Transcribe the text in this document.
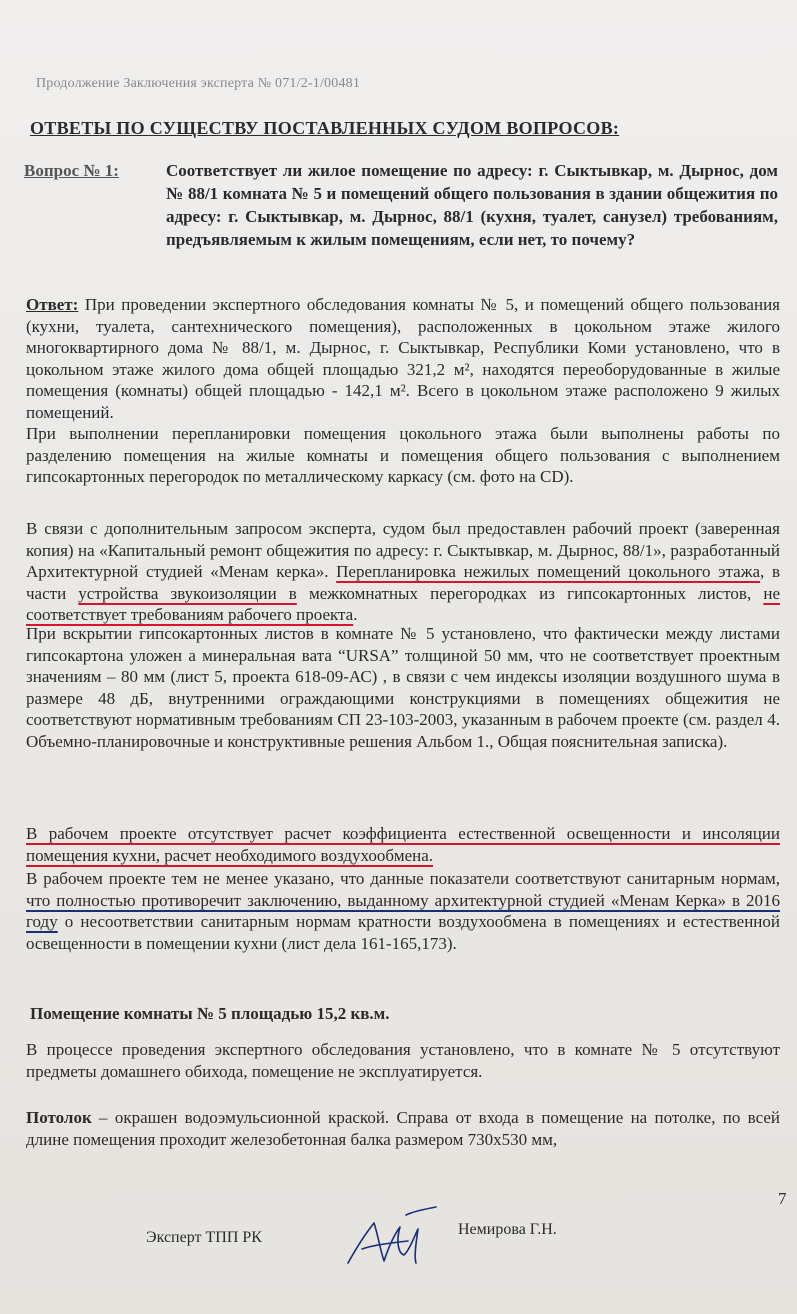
Продолжение Заключения эксперта № 071/2-1/00481
ОТВЕТЫ ПО СУЩЕСТВУ ПОСТАВЛЕННЫХ СУДОМ ВОПРОСОВ:
Вопрос № 1:	Соответствует ли жилое помещение по адресу: г. Сыктывкар, м. Дырнос, дом № 88/1 комната № 5 и помещений общего пользования в здании общежития по адресу: г. Сыктывкар, м. Дырнос, 88/1 (кухня, туалет, санузел) требованиям, предъявляемым к жилым помещениям, если нет, то почему?
Ответ: При проведении экспертного обследования комнаты № 5, и помещений общего пользования (кухни, туалета, сантехнического помещения), расположенных в цокольном этаже жилого многоквартирного дома № 88/1, м. Дырнос, г. Сыктывкар, Республики Коми установлено, что в цокольном этаже жилого дома общей площадью 321,2 м², находятся переоборудованные в жилые помещения (комнаты) общей площадью - 142,1 м². Всего в цокольном этаже расположено 9 жилых помещений.
При выполнении перепланировки помещения цокольного этажа были выполнены работы по разделению помещения на жилые комнаты и помещения общего пользования с выполнением гипсокартонных перегородок по металлическому каркасу (см. фото на CD).
В связи с дополнительным запросом эксперта, судом был предоставлен рабочий проект (заверенная копия) на «Капитальный ремонт общежития по адресу: г. Сыктывкар, м. Дырнос, 88/1», разработанный Архитектурной студией «Менам керка». Перепланировка нежилых помещений цокольного этажа, в части устройства звукоизоляции в межкомнатных перегородках из гипсокартонных листов, не соответствует требованиям рабочего проекта.
При вскрытии гипсокартонных листов в комнате № 5 установлено, что фактически между листами гипсокартона уложен а минеральная вата “URSA” толщиной 50 мм, что не соответствует проектным значениям – 80 мм (лист 5, проекта 618-09-АС) , в связи с чем индексы изоляции воздушного шума в размере 48 дБ, внутренними ограждающими конструкциями в помещениях общежития не соответствуют нормативным требованиям СП 23-103-2003, указанным в рабочем проекте (см. раздел 4. Объемно-планировочные и конструктивные решения Альбом 1., Общая пояснительная записка).
В рабочем проекте отсутствует расчет коэффициента естественной освещенности и инсоляции помещения кухни, расчет необходимого воздухообмена.
В рабочем проекте тем не менее указано, что данные показатели соответствуют санитарным нормам, что полностью противоречит заключению, выданному архитектурной студией «Менам Керка» в 2016 году о несоответствии санитарным нормам кратности воздухообмена в помещениях и естественной освещенности в помещении кухни (лист дела 161-165,173).
Помещение комнаты № 5 площадью 15,2 кв.м.
В процессе проведения экспертного обследования установлено, что в комнате № 5 отсутствуют предметы домашнего обихода, помещение не эксплуатируется.
Потолок – окрашен водоэмульсионной краской. Справа от входа в помещение на потолке, по всей длине помещения проходит железобетонная балка размером 730х530 мм,
7
Эксперт ТПП РК	Немирова Г.Н.
